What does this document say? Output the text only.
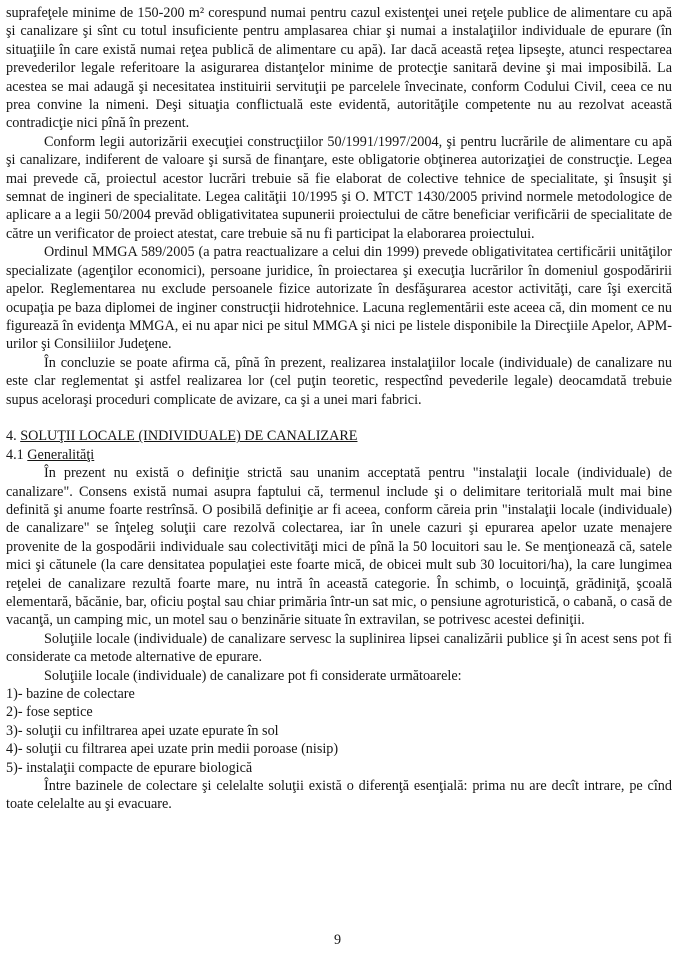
suprafeţele minime de 150-200 m² corespund numai pentru cazul existenţei unei reţele publice de alimentare cu apă şi canalizare şi sînt cu totul insuficiente pentru amplasarea chiar şi numai a instalaţiilor individuale de epurare (în situaţiile în care există numai reţea publică de alimentare cu apă). Iar dacă această reţea lipseşte, atunci respectarea prevederilor legale referitoare la asigurarea distanţelor minime de protecţie sanitară devine şi mai imposibilă. La acestea se mai adaugă şi necesitatea instituirii servituţii pe parcelele învecinate, conform Codului Civil, ceea ce nu prea convine la nimeni. Deşi situaţia conflictuală este evidentă, autorităţile competente nu au rezolvat această contradicţie nici pînă în prezent.

Conform legii autorizării execuţiei construcţiilor 50/1991/1997/2004, şi pentru lucrările de alimentare cu apă şi canalizare, indiferent de valoare şi sursă de finanţare, este obligatorie obţinerea autorizaţiei de construcţie. Legea mai prevede că, proiectul acestor lucrări trebuie să fie elaborat de colective tehnice de specialitate, şi însuşit şi semnat de ingineri de specialitate. Legea calităţii 10/1995 şi O. MTCT 1430/2005 privind normele metodologice de aplicare a a legii 50/2004 prevăd obligativitatea supunerii proiectului de către beneficiar verificării de specialitate de către un verificator de proiect atestat, care trebuie să nu fi participat la elaborarea proiectului.

Ordinul MMGA 589/2005 (a patra reactualizare a celui din 1999) prevede obligativitatea certificării unităţilor specializate (agenţilor economici), persoane juridice, în proiectarea şi execuţia lucrărilor în domeniul gospodăririi apelor. Reglementarea nu exclude persoanele fizice autorizate în desfăşurarea acestor activităţi, care îşi exercită ocupaţia pe baza diplomei de inginer construcţii hidrotehnice. Lacuna reglementării este aceea că, din moment ce nu figurează în evidenţa MMGA, ei nu apar nici pe situl MMGA şi nici pe listele disponibile la Direcţiile Apelor, APM-urilor şi Consiliilor Judeţene.

În concluzie se poate afirma că, pînă în prezent, realizarea instalaţiilor locale (individuale) de canalizare nu este clar reglementat şi astfel realizarea lor (cel puţin teoretic, respectînd pevederile legale) deocamdată trebuie supus aceloraşi proceduri complicate de avizare, ca şi a unei mari fabrici.

4. SOLUŢII LOCALE (INDIVIDUALE) DE CANALIZARE

4.1 Generalităţi

În prezent nu există o definiţie strictă sau unanim acceptată pentru "instalaţii locale (individuale) de canalizare". Consens există numai asupra faptului că, termenul include şi o delimitare teritorială mult mai bine definită şi anume foarte restrînsă. O posibilă definiţie ar fi aceea, conform căreia prin "instalaţii locale (individuale) de canalizare" se înţeleg soluţii care rezolvă colectarea, iar în unele cazuri şi epurarea apelor uzate menajere provenite de la gospodării individuale sau colectivităţi mici de pînă la 50 locuitori sau le. Se menţionează că, satele mici şi cătunele (la care densitatea populaţiei este foarte mică, de obicei mult sub 30 locuitori/ha), la care lungimea reţelei de canalizare rezultă foarte mare, nu intră în această categorie. În schimb, o locuinţă, grădiniţă, şcoală elementară, băcănie, bar, oficiu poştal sau chiar primăria într-un sat mic, o pensiune agroturistică, o cabană, o casă de vacanţă, un camping mic, un motel sau o benzinărie situate în extravilan, se potrivesc acestei definiţii.

Soluţiile locale (individuale) de canalizare servesc la suplinirea lipsei canalizării publice şi în acest sens pot fi considerate ca metode alternative de epurare.

Soluţiile locale (individuale) de canalizare pot fi considerate următoarele:

1)- bazine de colectare

2)- fose septice

3)- soluţii cu infiltrarea apei uzate epurate în sol

4)- soluţii cu filtrarea apei uzate prin medii poroase (nisip)

5)- instalaţii compacte de epurare biologică

Între bazinele de colectare şi celelalte soluţii există o diferenţă esenţială: prima nu are decît intrare, pe cînd toate celelalte au şi evacuare.

9
